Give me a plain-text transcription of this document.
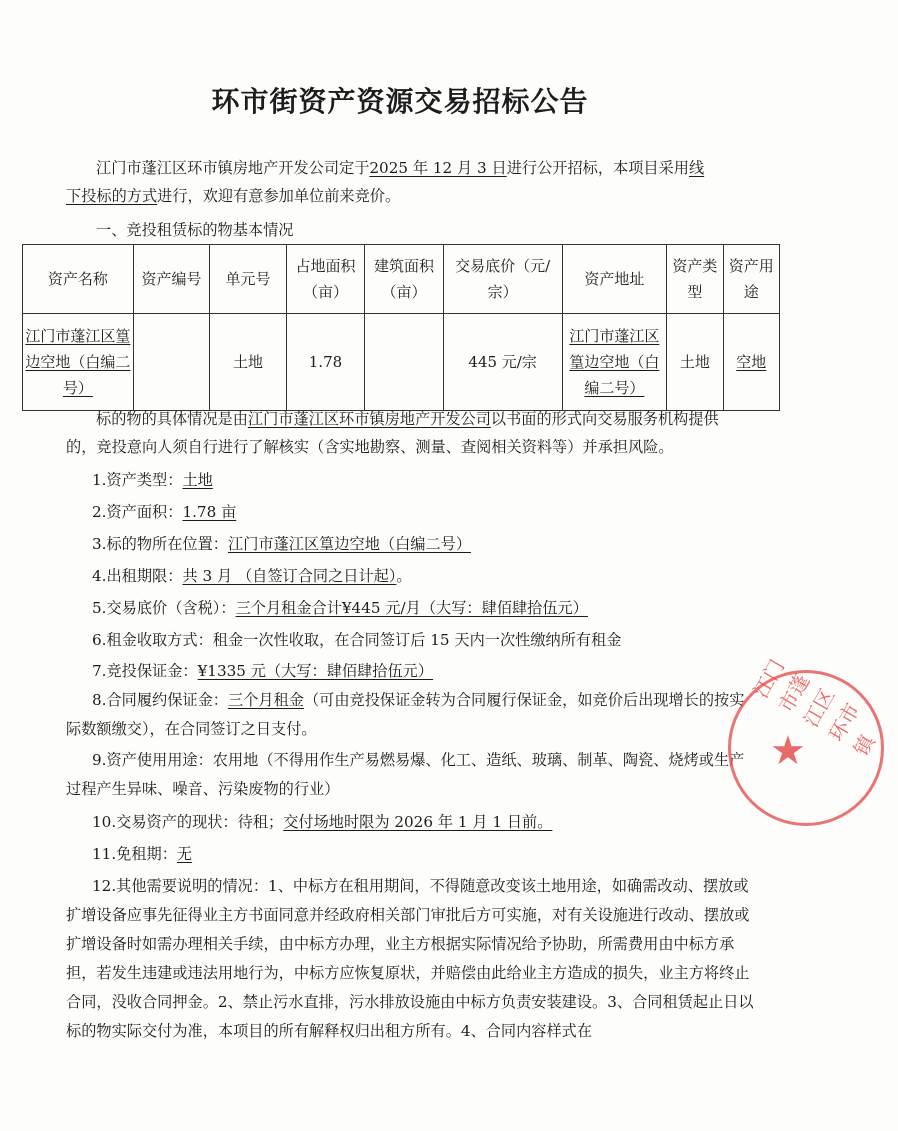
环市街资产资源交易招标公告

江门市蓬江区环市镇房地产开发公司定于2025 年 12 月 3 日进行公开招标，本项目采用线
下投标的方式进行，欢迎有意参加单位前来竞价。

一、竞投租赁标的物基本情况

资产名称	资产编号	单元号	占地面积（亩）	建筑面积（亩）	交易底价（元/宗）	资产地址	资产类型	资产用途
江门市蓬江区篁边空地（白编二号）		土地	1.78		445 元/宗	江门市蓬江区篁边空地（白编二号）	土地	空地

标的物的具体情况是由江门市蓬江区环市镇房地产开发公司以书面的形式向交易服务机构提供的，竞投意向人须自行进行了解核实（含实地勘察、测量、查阅相关资料等）并承担风险。

1.资产类型：土地

2.资产面积：1.78 亩

3.标的物所在位置：江门市蓬江区篁边空地（白编二号）

4.出租期限：共 3 月 （自签订合同之日计起）。

5.交易底价（含税）：三个月租金合计¥445 元/月（大写：肆佰肆拾伍元）

6.租金收取方式：租金一次性收取，在合同签订后 15 天内一次性缴纳所有租金

7.竞投保证金：¥1335 元（大写：肆佰肆拾伍元）

8.合同履约保证金：三个月租金（可由竞投保证金转为合同履行保证金，如竞价后出现增长的按实际数额缴交），在合同签订之日支付。

9.资产使用用途：农用地（不得用作生产易燃易爆、化工、造纸、玻璃、制革、陶瓷、烧烤或生产过程产生异味、噪音、污染废物的行业）

10.交易资产的现状：待租；交付场地时限为 2026 年 1 月 1 日前。

11.免租期：无

12.其他需要说明的情况：1、中标方在租用期间，不得随意改变该土地用途，如确需改动、摆放或扩增设备应事先征得业主方书面同意并经政府相关部门审批后方可实施，对有关设施进行改动、摆放或扩增设备时如需办理相关手续，由中标方办理，业主方根据实际情况给予协助，所需费用由中标方承担，若发生违建或违法用地行为，中标方应恢复原状，并赔偿由此给业主方造成的损失，业主方将终止合同，没收合同押金。2、禁止污水直排，污水排放设施由中标方负责安装建设。3、合同租赁起止日以标的物实际交付为准，本项目的所有解释权归出租方所有。4、合同内容样式在

江门市蓬江区环市镇
★
